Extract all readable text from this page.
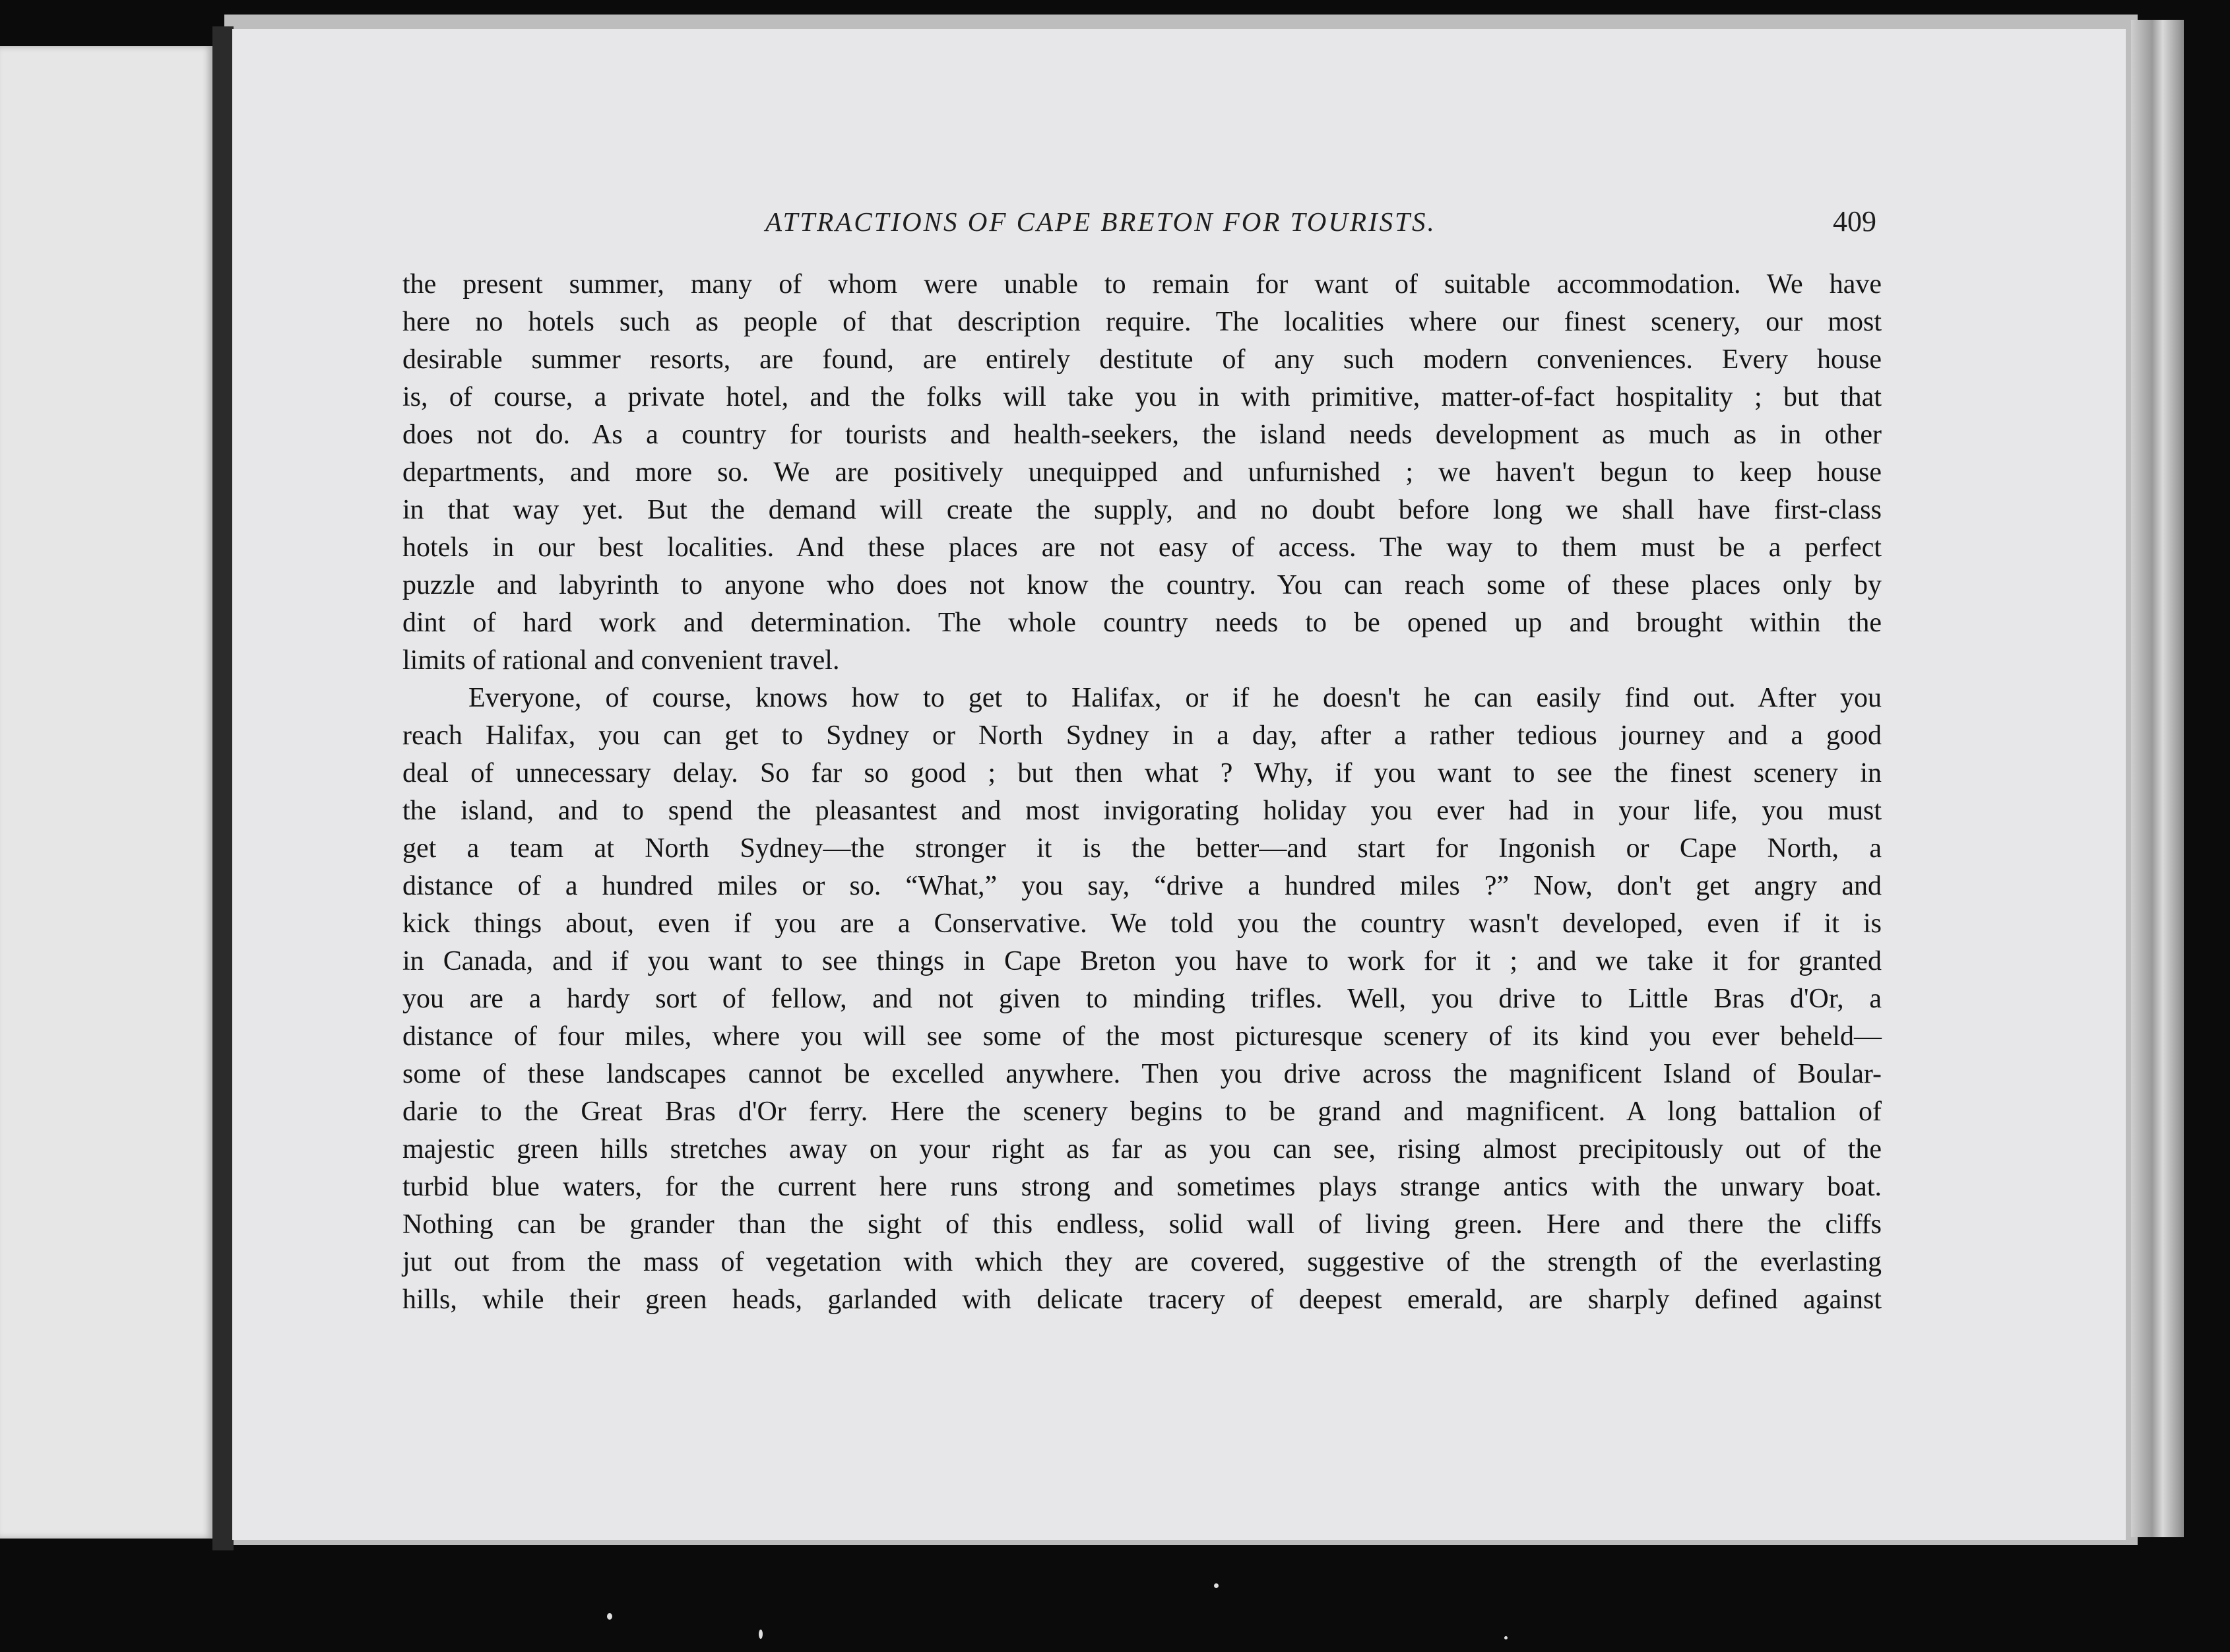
ATTRACTIONS OF CAPE BRETON FOR TOURISTS.	409
the present summer, many of whom were unable to remain for want of suitable accommodation. We have
here no hotels such as people of that description require. The localities where our finest scenery, our most
desirable summer resorts, are found, are entirely destitute of any such modern conveniences. Every house
is, of course, a private hotel, and the folks will take you in with primitive, matter-of-fact hospitality ; but that
does not do. As a country for tourists and health-seekers, the island needs development as much as in other
departments, and more so. We are positively unequipped and unfurnished ; we haven't begun to keep house
in that way yet. But the demand will create the supply, and no doubt before long we shall have first-class
hotels in our best localities. And these places are not easy of access. The way to them must be a perfect
puzzle and labyrinth to anyone who does not know the country. You can reach some of these places only by
dint of hard work and determination. The whole country needs to be opened up and brought within the
limits of rational and convenient travel.
Everyone, of course, knows how to get to Halifax, or if he doesn't he can easily find out. After you
reach Halifax, you can get to Sydney or North Sydney in a day, after a rather tedious journey and a good
deal of unnecessary delay. So far so good ; but then what ? Why, if you want to see the finest scenery in
the island, and to spend the pleasantest and most invigorating holiday you ever had in your life, you must
get a team at North Sydney—the stronger it is the better—and start for Ingonish or Cape North, a
distance of a hundred miles or so. “What,” you say, “drive a hundred miles ?” Now, don't get angry and
kick things about, even if you are a Conservative. We told you the country wasn't developed, even if it is
in Canada, and if you want to see things in Cape Breton you have to work for it ; and we take it for granted
you are a hardy sort of fellow, and not given to minding trifles. Well, you drive to Little Bras d'Or, a
distance of four miles, where you will see some of the most picturesque scenery of its kind you ever beheld—
some of these landscapes cannot be excelled anywhere. Then you drive across the magnificent Island of Boular-
darie to the Great Bras d'Or ferry. Here the scenery begins to be grand and magnificent. A long battalion of
majestic green hills stretches away on your right as far as you can see, rising almost precipitously out of the
turbid blue waters, for the current here runs strong and sometimes plays strange antics with the unwary boat.
Nothing can be grander than the sight of this endless, solid wall of living green. Here and there the cliffs
jut out from the mass of vegetation with which they are covered, suggestive of the strength of the everlasting
hills, while their green heads, garlanded with delicate tracery of deepest emerald, are sharply defined against
